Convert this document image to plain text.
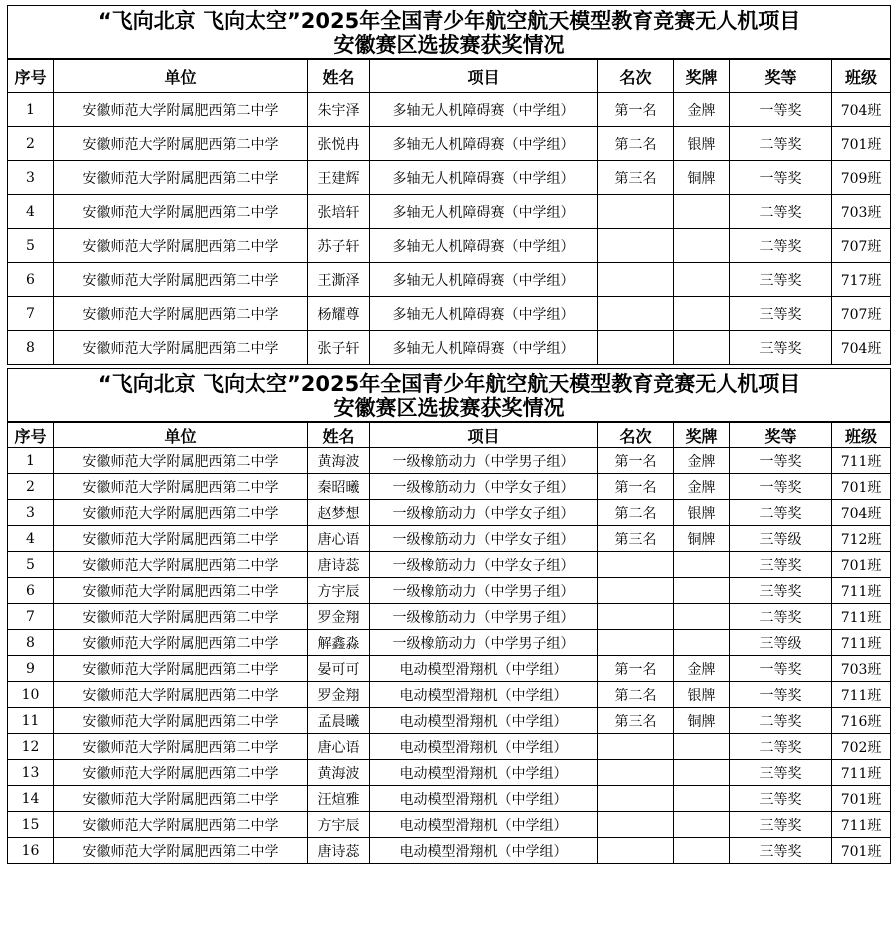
“飞向北京 飞向太空”2025年全国青少年航空航天模型教育竞赛无人机项目
安徽赛区选拔赛获奖情况							

序号	单位	姓名	项目	名次	奖牌	奖等	班级
1	安徽师范大学附属肥西第二中学	朱宇泽	多轴无人机障碍赛（中学组）	第一名	金牌	一等奖	704班
2	安徽师范大学附属肥西第二中学	张悦冉	多轴无人机障碍赛（中学组）	第二名	银牌	二等奖	701班
3	安徽师范大学附属肥西第二中学	王建辉	多轴无人机障碍赛（中学组）	第三名	铜牌	一等奖	709班
4	安徽师范大学附属肥西第二中学	张培轩	多轴无人机障碍赛（中学组）			二等奖	703班
5	安徽师范大学附属肥西第二中学	苏子轩	多轴无人机障碍赛（中学组）			二等奖	707班
6	安徽师范大学附属肥西第二中学	王澌泽	多轴无人机障碍赛（中学组）			三等奖	717班
7	安徽师范大学附属肥西第二中学	杨耀尊	多轴无人机障碍赛（中学组）			三等奖	707班
8	安徽师范大学附属肥西第二中学	张子轩	多轴无人机障碍赛（中学组）			三等奖	704班

“飞向北京 飞向太空”2025年全国青少年航空航天模型教育竞赛无人机项目
安徽赛区选拔赛获奖情况							

序号	单位	姓名	项目	名次	奖牌	奖等	班级
1	安徽师范大学附属肥西第二中学	黄海波	一级橡筋动力（中学男子组）	第一名	金牌	一等奖	711班
2	安徽师范大学附属肥西第二中学	秦昭曦	一级橡筋动力（中学女子组）	第一名	金牌	一等奖	701班
3	安徽师范大学附属肥西第二中学	赵梦想	一级橡筋动力（中学女子组）	第二名	银牌	二等奖	704班
4	安徽师范大学附属肥西第二中学	唐心语	一级橡筋动力（中学女子组）	第三名	铜牌	三等级	712班
5	安徽师范大学附属肥西第二中学	唐诗蕊	一级橡筋动力（中学女子组）			三等奖	701班
6	安徽师范大学附属肥西第二中学	方宇辰	一级橡筋动力（中学男子组）			三等奖	711班
7	安徽师范大学附属肥西第二中学	罗金翔	一级橡筋动力（中学男子组）			二等奖	711班
8	安徽师范大学附属肥西第二中学	解鑫淼	一级橡筋动力（中学男子组）			三等级	711班
9	安徽师范大学附属肥西第二中学	晏可可	电动模型滑翔机（中学组）	第一名	金牌	一等奖	703班
10	安徽师范大学附属肥西第二中学	罗金翔	电动模型滑翔机（中学组）	第二名	银牌	一等奖	711班
11	安徽师范大学附属肥西第二中学	孟晨曦	电动模型滑翔机（中学组）	第三名	铜牌	二等奖	716班
12	安徽师范大学附属肥西第二中学	唐心语	电动模型滑翔机（中学组）			二等奖	702班
13	安徽师范大学附属肥西第二中学	黄海波	电动模型滑翔机（中学组）			三等奖	711班
14	安徽师范大学附属肥西第二中学	汪煊雅	电动模型滑翔机（中学组）			三等奖	701班
15	安徽师范大学附属肥西第二中学	方宇辰	电动模型滑翔机（中学组）			三等奖	711班
16	安徽师范大学附属肥西第二中学	唐诗蕊	电动模型滑翔机（中学组）			三等奖	701班
